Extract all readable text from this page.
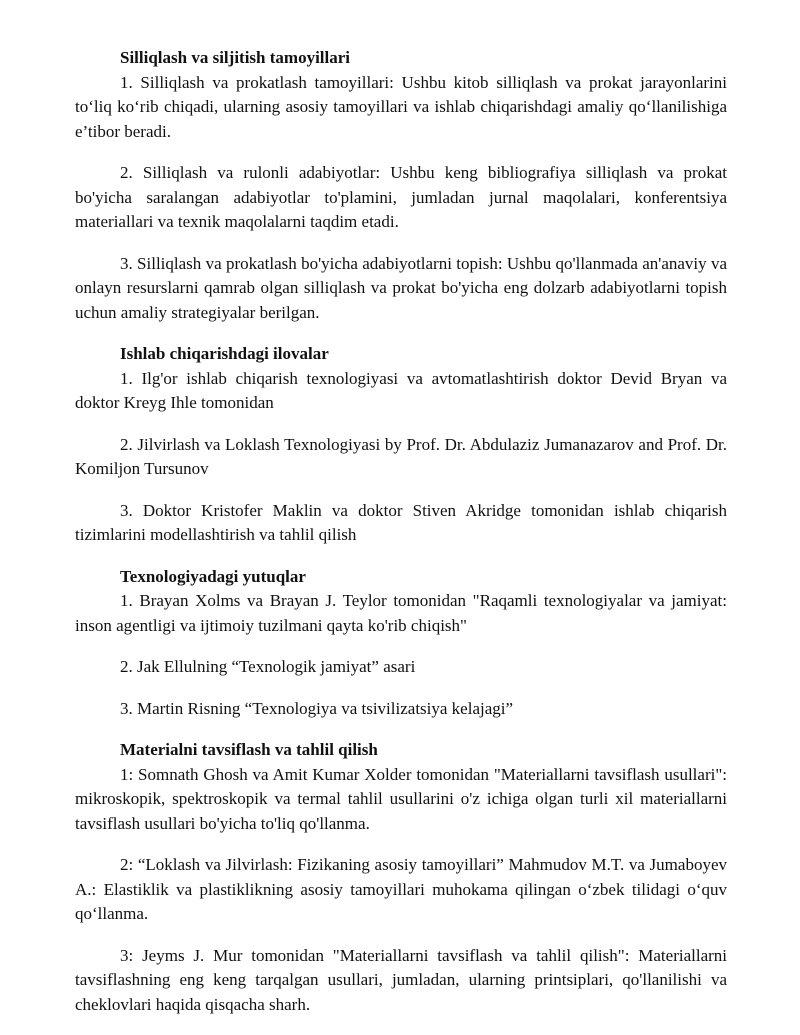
Silliqlash va siljitish tamoyillari

1. Silliqlash va prokatlash tamoyillari: Ushbu kitob silliqlash va prokat jarayonlarini to‘liq ko‘rib chiqadi, ularning asosiy tamoyillari va ishlab chiqarishdagi amaliy qo‘llanilishiga e’tibor beradi.

2. Silliqlash va rulonli adabiyotlar: Ushbu keng bibliografiya silliqlash va prokat bo'yicha saralangan adabiyotlar to'plamini, jumladan jurnal maqolalari, konferentsiya materiallari va texnik maqolalarni taqdim etadi.

3. Silliqlash va prokatlash bo'yicha adabiyotlarni topish: Ushbu qo'llanmada an'anaviy va onlayn resurslarni qamrab olgan silliqlash va prokat bo'yicha eng dolzarb adabiyotlarni topish uchun amaliy strategiyalar berilgan.

Ishlab chiqarishdagi ilovalar

1. Ilg'or ishlab chiqarish texnologiyasi va avtomatlashtirish doktor Devid Bryan va doktor Kreyg Ihle tomonidan

2. Jilvirlash va Loklash Texnologiyasi by Prof. Dr. Abdulaziz Jumanazarov and Prof. Dr. Komiljon Tursunov

3. Doktor Kristofer Maklin va doktor Stiven Akridge tomonidan ishlab chiqarish tizimlarini modellashtirish va tahlil qilish

Texnologiyadagi yutuqlar

1. Brayan Xolms va Brayan J. Teylor tomonidan "Raqamli texnologiyalar va jamiyat: inson agentligi va ijtimoiy tuzilmani qayta ko'rib chiqish"

2. Jak Ellulning “Texnologik jamiyat” asari

3. Martin Risning “Texnologiya va tsivilizatsiya kelajagi”

Materialni tavsiflash va tahlil qilish

1: Somnath Ghosh va Amit Kumar Xolder tomonidan "Materiallarni tavsiflash usullari": mikroskopik, spektroskopik va termal tahlil usullarini o'z ichiga olgan turli xil materiallarni tavsiflash usullari bo'yicha to'liq qo'llanma.

2: “Loklash va Jilvirlash: Fizikaning asosiy tamoyillari” Mahmudov M.T. va Jumaboyev A.: Elastiklik va plastiklikning asosiy tamoyillari muhokama qilingan o‘zbek tilidagi o‘quv qo‘llanma.

3: Jeyms J. Mur tomonidan "Materiallarni tavsiflash va tahlil qilish": Materiallarni tavsiflashning eng keng tarqalgan usullari, jumladan, ularning printsiplari, qo'llanilishi va cheklovlari haqida qisqacha sharh.
